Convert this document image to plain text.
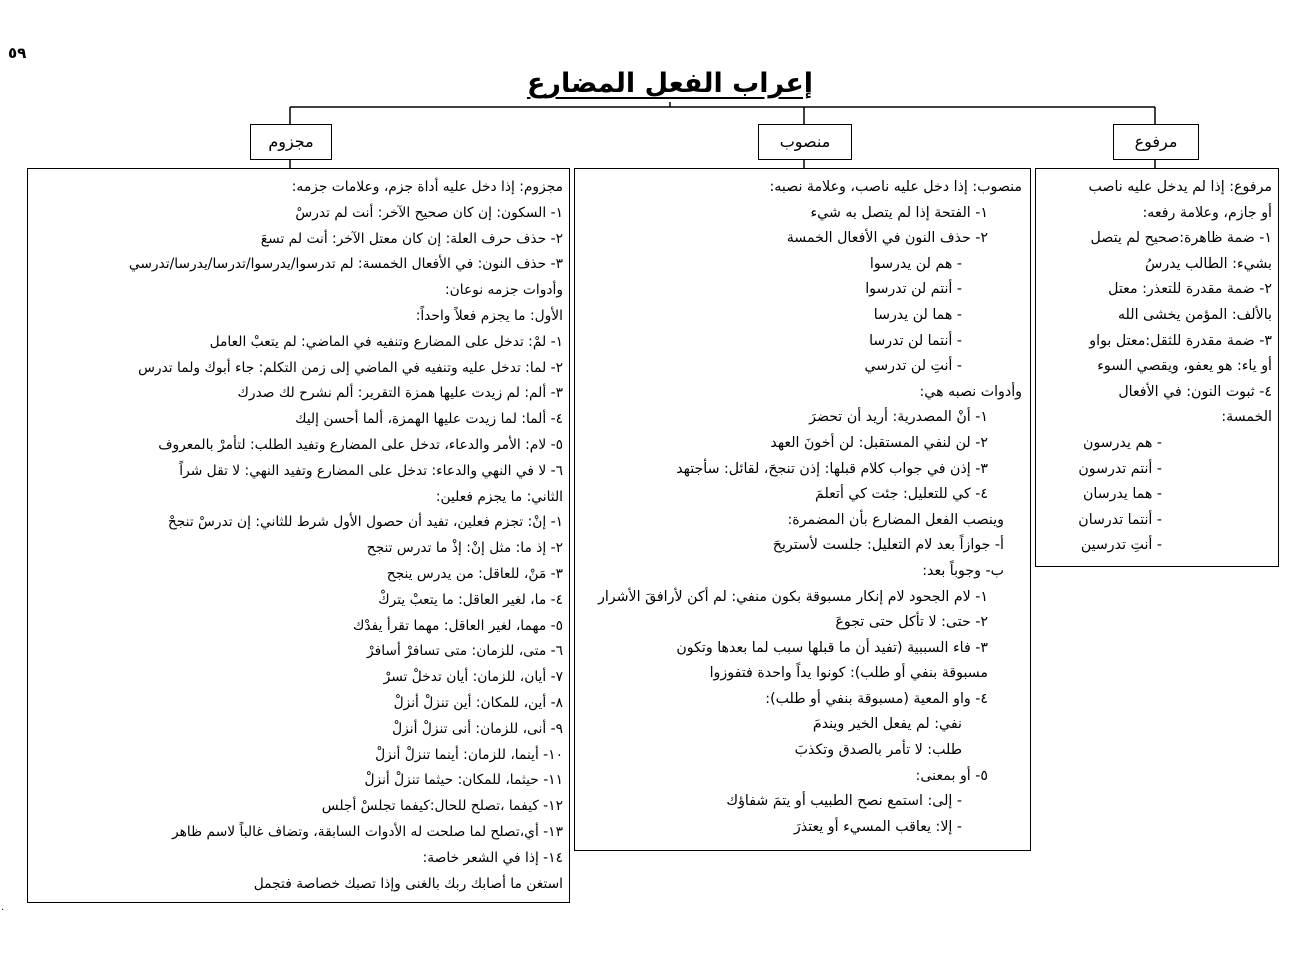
٥٩
إعراب الفعل المضارع
مرفوع
منصوب
مجزوم
مرفوع: إذا لم يدخل عليه ناصب
أو جازم، وعلامة رفعه:
١- ضمة ظاهرة:صحيح لم يتصل
بشيء: الطالب يدرسُ
٢- ضمة مقدرة للتعذر: معتل
بالألف: المؤمن يخشى الله
٣- ضمة مقدرة للثقل:معتل بواو
أو ياء: هو يعفو، ويقصي السوء
٤- ثبوت النون: في الأفعال
الخمسة:
- هم يدرسون
- أنتم تدرسون
- هما يدرسان
- أنتما تدرسان
- أنتِ تدرسين
منصوب: إذا دخل عليه ناصب، وعلامة نصبه:
١- الفتحة إذا لم يتصل به شيء
٢- حذف النون في الأفعال الخمسة
- هم لن يدرسوا
- أنتم لن تدرسوا
- هما لن يدرسا
- أنتما لن تدرسا
- أنتِ لن تدرسي
وأدوات نصبه هي:
١- أنْ المصدرية: أريد أن تحضرَ
٢- لن لنفي المستقبل: لن أخونَ العهد
٣- إذن في جواب كلام قبلها: إذن تنجحَ، لقائل: سأجتهد
٤- كي للتعليل: جئت كي أتعلمَ
وينصب الفعل المضارع بأن المضمرة:
أ- جوازاً بعد لام التعليل: جلست لأستريحَ
ب- وجوباً بعد:
١- لام الجحود لام إنكار مسبوقة بكون منفي: لم أكن لأرافقَ الأشرار
٢- حتى: لا تأكل حتى تجوعَ
٣- فاء السببية (تفيد أن ما قبلها سبب لما بعدها وتكون
مسبوقة بنفي أو طلب): كونوا يداً واحدة فتفوزوا
٤- واو المعية (مسبوقة بنفي أو طلب):
نفي: لم يفعل الخير ويندمَ
طلب: لا تأمر بالصدق وتكذبَ
٥- أو بمعنى:
- إلى: استمع نصح الطبيب أو يتمَ شفاؤك
- إلا: يعاقب المسيء أو يعتذرَ
مجزوم: إذا دخل عليه أداة جزم، وعلامات جزمه:
١- السكون: إن كان صحيح الآخر: أنت لم تدرسْ
٢- حذف حرف العلة: إن كان معتل الآخر: أنت لم تسعَ
٣- حذف النون: في الأفعال الخمسة: لم تدرسوا/يدرسوا/تدرسا/يدرسا/تدرسي
وأدوات جزمه نوعان:
الأول: ما يجزم فعلاً واحداً:
١- لمْ: تدخل على المضارع وتنفيه في الماضي: لم يتعبْ العامل
٢- لما: تدخل عليه وتنفيه في الماضي إلى زمن التكلم: جاء أبوك ولما تدرس
٣- ألم: لم زيدت عليها همزة التقرير: ألم نشرح لك صدرك
٤- ألما: لما زيدت عليها الهمزة، ألما أحسن إليك
٥- لام: الأمر والدعاء، تدخل على المضارع وتفيد الطلب: لتأمرْ بالمعروف
٦- لا في النهي والدعاء: تدخل على المضارع وتفيد النهي: لا تقل شراً
الثاني: ما يجزم فعلين:
١- إنْ: تجزم فعلين، تفيد أن حصول الأول شرط للثاني: إن تدرسْ تنجحْ
٢- إذ ما: مثل إنْ: إذْ ما تدرس تنجح
٣- مَنْ، للعاقل: من يدرس ينجح
٤- ما، لغير العاقل: ما يتعبْ يتركْ
٥- مهما، لغير العاقل: مهما تقرأ يفدْك
٦- متى، للزمان: متى تسافرْ أسافرْ
٧- أيان، للزمان: أيان تدخلْ تسرْ
٨- أين، للمكان: أين تنزلْ أنزلْ
٩- أنى، للزمان: أنى تنزلْ أنزلْ
١٠- أينما، للزمان: أينما تنزلْ أنزلْ
١١- حيثما، للمكان: حيثما تنزلْ أنزلْ
١٢- كيفما ،تصلح للحال:كيفما تجلسْ أجلس
١٣- أي،تصلح لما صلحت له الأدوات السابقة، وتضاف غالباً لاسم ظاهر
١٤- إذا في الشعر خاصة:
استغن ما أصابك ربك بالغنى وإذا تصبك خصاصة فتجمل
·
